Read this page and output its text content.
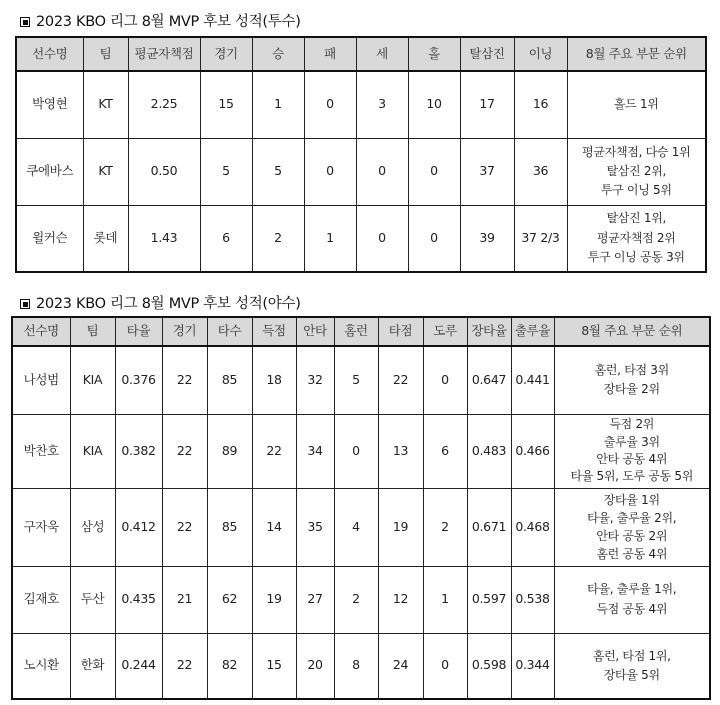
2023 KBO 리그 8월 MVP 후보 성적(투수)
선수명	팀	평균자책점	경기	승	패	세	홀	탈삼진	이닝	8월 주요 부문 순위
박영현	KT	2.25	15	1	0	3	10	17	16	홀드 1위

쿠에바스	KT	0.50	5	5	0	0	0	37	36	평균자책점, 다승 1위
탈삼진 2위,
투구 이닝 5위

윌커슨	롯데	1.43	6	2	1	0	0	39	37 2/3	탈삼진 1위,
평균자책점 2위
투구 이닝 공동 3위
2023 KBO 리그 8월 MVP 후보 성적(야수)
선수명	팀	타율	경기	타수	득점	안타	홈런	타점	도루	장타율	출루율	8월 주요 부문 순위
나성범	KIA	0.376	22	85	18	32	5	22	0	0.647	0.441	홈런, 타점 3위
장타율 2위

박찬호	KIA	0.382	22	89	22	34	0	13	6	0.483	0.466	득점 2위
출루율 3위
안타 공동 4위
타율 5위, 도루 공동 5위

구자욱	삼성	0.412	22	85	14	35	4	19	2	0.671	0.468	장타율 1위
타율, 출루율 2위,
안타 공동 2위
홈런 공동 4위

김재호	두산	0.435	21	62	19	27	2	12	1	0.597	0.538	타율, 출루율 1위,
득점 공동 4위

노시환	한화	0.244	22	82	15	20	8	24	0	0.598	0.344	홈런, 타점 1위,
장타율 5위
